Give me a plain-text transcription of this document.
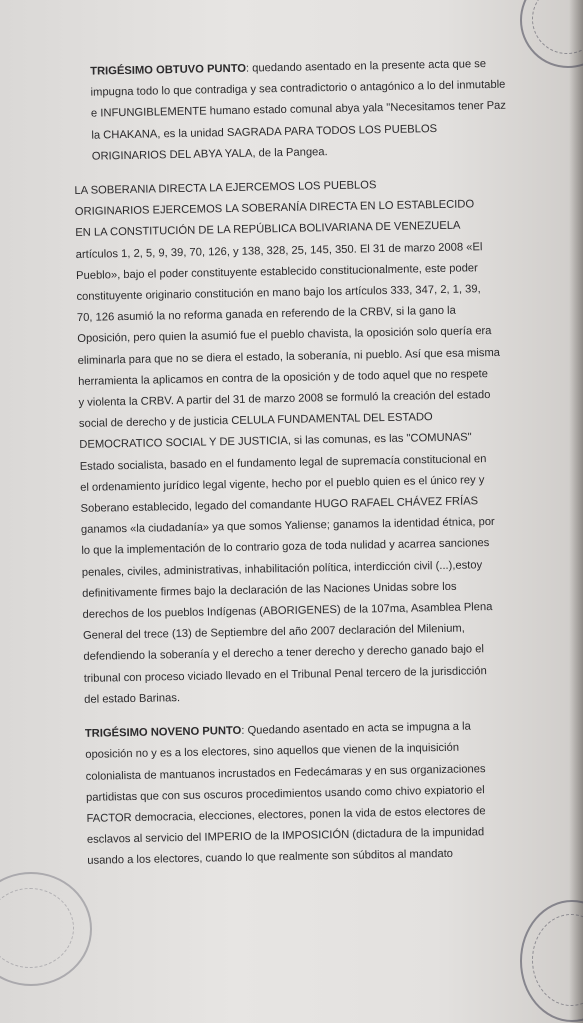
TRIGÉSIMO OBTUVO PUNTO: quedando asentado en la presente acta que se
impugna todo lo que contradiga y sea contradictorio o antagónico a lo del inmutable
e INFUNGIBLEMENTE humano estado comunal abya yala "Necesitamos tener Paz
la CHAKANA, es la unidad SAGRADA PARA TODOS LOS PUEBLOS
ORIGINARIOS DEL ABYA YALA, de la Pangea.
LA SOBERANIA DIRECTA LA EJERCEMOS LOS PUEBLOS
ORIGINARIOS EJERCEMOS LA SOBERANÍA DIRECTA EN LO ESTABLECIDO
EN LA CONSTITUCIÓN DE LA REPÚBLICA BOLIVARIANA DE VENEZUELA
artículos 1, 2, 5, 9, 39, 70, 126, y 138, 328, 25, 145, 350. El 31 de marzo 2008 «El
Pueblo», bajo el poder constituyente establecido constitucionalmente, este poder
constituyente originario constitución en mano bajo los artículos 333, 347, 2, 1, 39,
70, 126 asumió la no reforma ganada en referendo de la CRBV, si la gano la
Oposición, pero quien la asumió fue el pueblo chavista, la oposición solo quería era
eliminarla para que no se diera el estado, la soberanía, ni pueblo. Así que esa misma
herramienta la aplicamos en contra de la oposición y de todo aquel que no respete
y violenta la CRBV. A partir del 31 de marzo 2008 se formuló la creación del estado
social de derecho y de justicia CELULA FUNDAMENTAL DEL ESTADO
DEMOCRATICO SOCIAL Y DE JUSTICIA, si las comunas, es las "COMUNAS"
Estado socialista, basado en el fundamento legal de supremacía constitucional en
el ordenamiento jurídico legal vigente, hecho por el pueblo quien es el único rey y
Soberano establecido, legado del comandante HUGO RAFAEL CHÁVEZ FRÍAS
ganamos «la ciudadanía» ya que somos Yaliense; ganamos la identidad étnica, por
lo que la implementación de lo contrario goza de toda nulidad y acarrea sanciones
penales, civiles, administrativas, inhabilitación política, interdicción civil (...),estoy
definitivamente firmes bajo la declaración de las Naciones Unidas sobre los
derechos de los pueblos Indígenas (ABORIGENES) de la 107ma, Asamblea Plena
General del trece (13) de Septiembre del año 2007 declaración del Milenium,
defendiendo la soberanía y el derecho a tener derecho y derecho ganado bajo el
tribunal con proceso viciado llevado en el Tribunal Penal tercero de la jurisdicción
del estado Barinas.
TRIGÉSIMO NOVENO PUNTO: Quedando asentado en acta se impugna a la
oposición no y es a los electores, sino aquellos que vienen de la inquisición
colonialista de mantuanos incrustados en Fedecámaras y en sus organizaciones
partidistas que con sus oscuros procedimientos usando como chivo expiatorio el
FACTOR democracia, elecciones, electores, ponen la vida de estos electores de
esclavos al servicio del IMPERIO de la IMPOSICIÓN (dictadura de la impunidad
usando a los electores, cuando lo que realmente son súbditos al mandato
